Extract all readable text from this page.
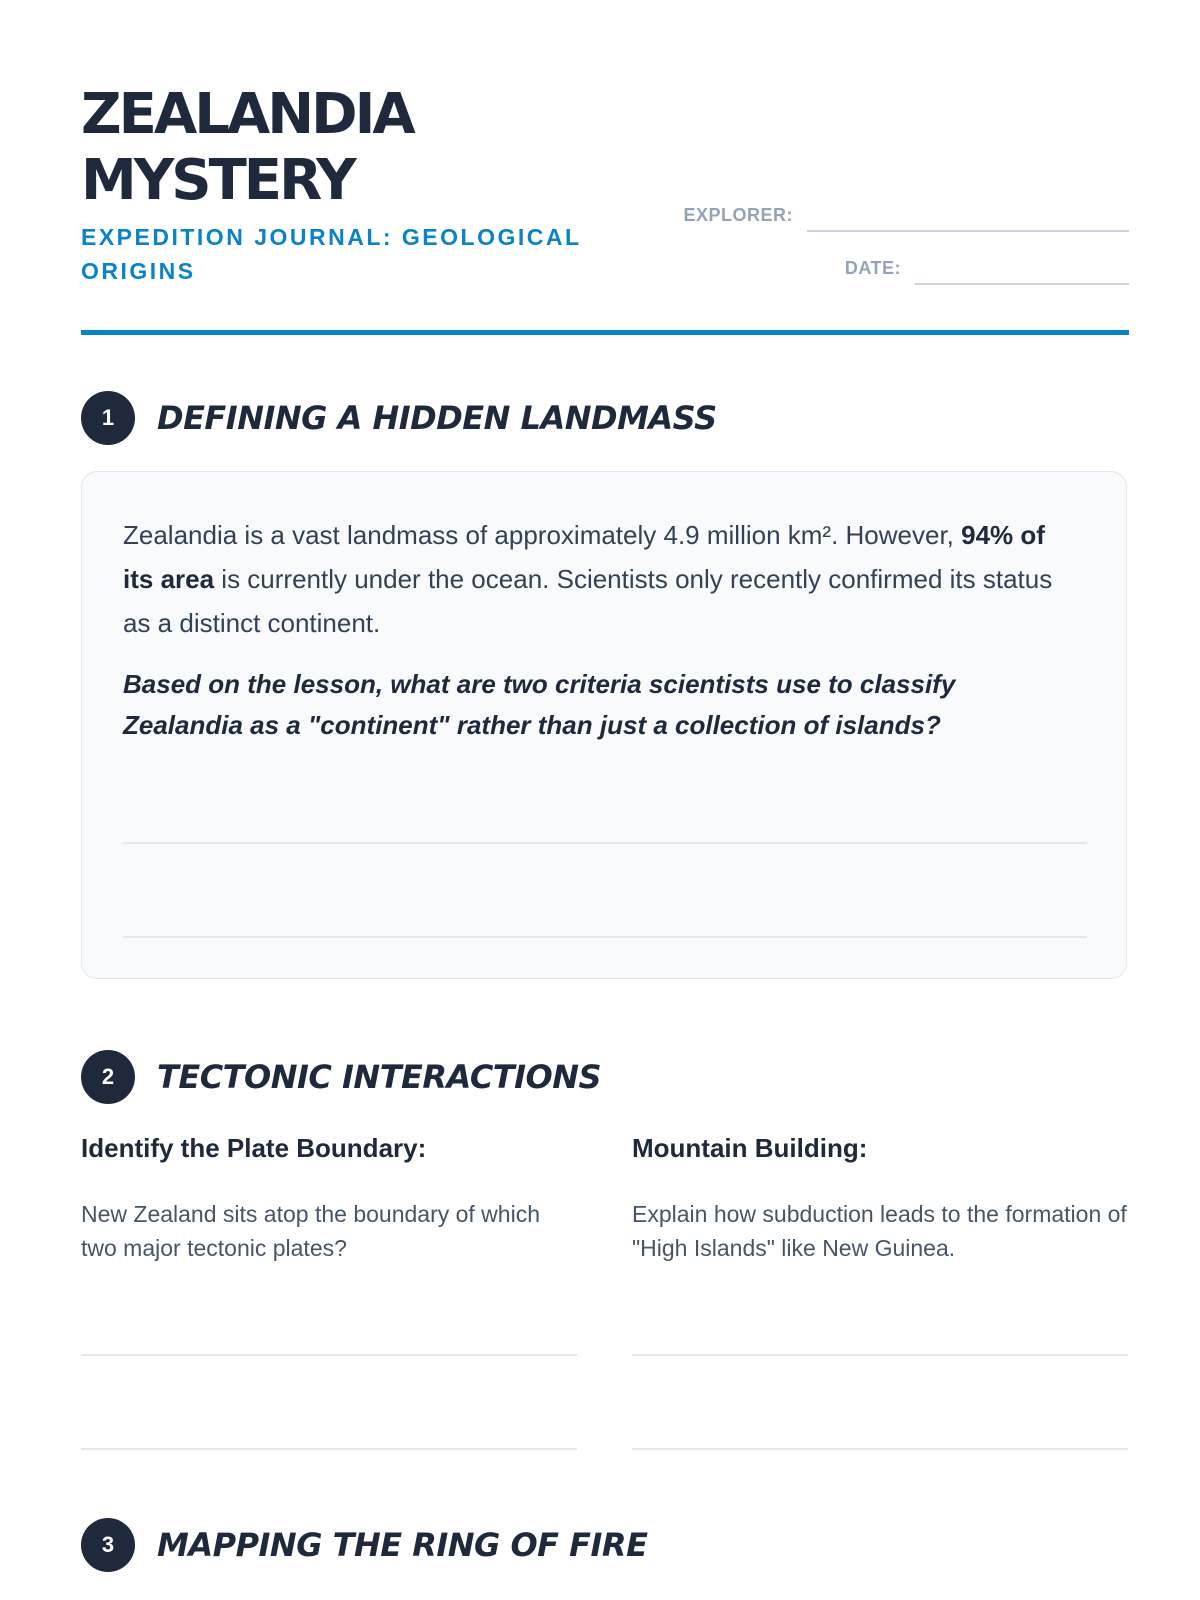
ZEALANDIA
MYSTERY

EXPEDITION JOURNAL: GEOLOGICAL ORIGINS

EXPLORER:
DATE:
1	DEFINING A HIDDEN LANDMASS

Zealandia is a vast landmass of approximately 4.9 million km². However, 94% of its area is currently under the ocean. Scientists only recently confirmed its status as a distinct continent.

Based on the lesson, what are two criteria scientists use to classify Zealandia as a "continent" rather than just a collection of islands?

2	TECTONIC INTERACTIONS
Identify the Plate Boundary:

New Zealand sits atop the boundary of which two major tectonic plates?

Mountain Building:

Explain how subduction leads to the formation of "High Islands" like New Guinea.

3	MAPPING THE RING OF FIRE
